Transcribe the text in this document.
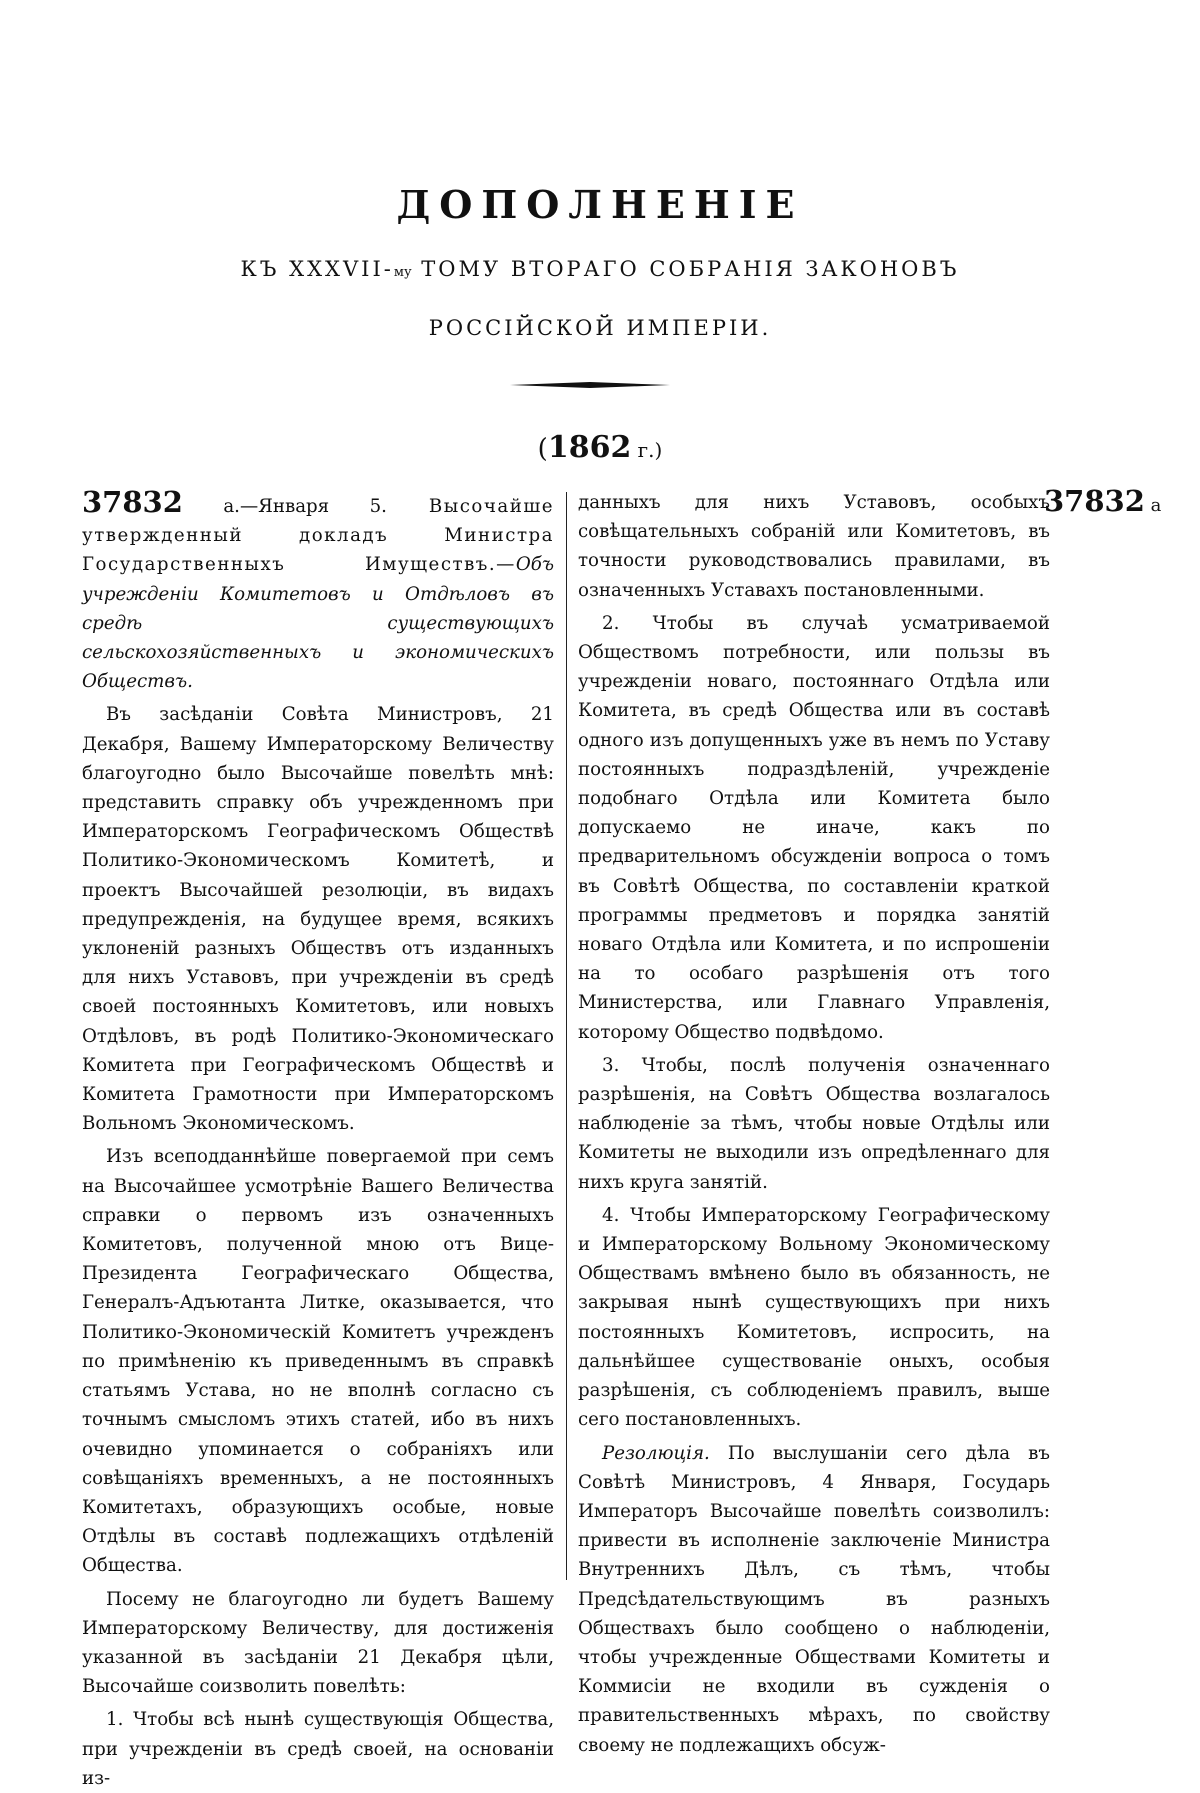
ДОПОЛНЕНІЕ
КЪ XXXVII-му ТОМУ ВТОРАГО СОБРАНІЯ ЗАКОНОВЪ
РОССІЙСКОЙ ИМПЕРІИ.
(1862 г.)

37832 а.—Января 5. Высочайше утвержденный докладъ Министра Государственныхъ Имуществъ.—Объ учрежденіи Комитетовъ и Отдѣловъ въ средѣ существующихъ сельскохозяйственныхъ и экономическихъ Обществъ.

Въ засѣданіи Совѣта Министровъ, 21 Декабря, Вашему Императорскому Величеству благоугодно было Высочайше повелѣть мнѣ: представить справку объ учрежденномъ при Императорскомъ Географическомъ Обществѣ Политико-Экономическомъ Комитетѣ, и проектъ Высочайшей резолюціи, въ видахъ предупрежденія, на будущее время, всякихъ уклоненій разныхъ Обществъ отъ изданныхъ для нихъ Уставовъ, при учрежденіи въ средѣ своей постоянныхъ Комитетовъ, или новыхъ Отдѣловъ, въ родѣ Политико-Экономическаго Комитета при Географическомъ Обществѣ и Комитета Грамотности при Императорскомъ Вольномъ Экономическомъ.

Изъ всеподданнѣйше повергаемой при семъ на Высочайшее усмотрѣніе Вашего Величества справки о первомъ изъ означенныхъ Комитетовъ, полученной мною отъ Вице-Президента Географическаго Общества, Генералъ-Адъютанта Литке, оказывается, что Политико-Экономическій Комитетъ учрежденъ по примѣненію къ приведеннымъ въ справкѣ статьямъ Устава, но не вполнѣ согласно съ точнымъ смысломъ этихъ статей, ибо въ нихъ очевидно упоминается о собраніяхъ или совѣщаніяхъ временныхъ, а не постоянныхъ Комитетахъ, образующихъ особые, новые Отдѣлы въ составѣ подлежащихъ отдѣленій Общества.

Посему не благоугодно ли будетъ Вашему Императорскому Величеству, для достиженія указанной въ засѣданіи 21 Декабря цѣли, Высочайше соизволить повелѣть:

1. Чтобы всѣ нынѣ существующія Общества, при учрежденіи въ средѣ своей, на основаніи из-

данныхъ для нихъ Уставовъ, особыхъ совѣщательныхъ собраній или Комитетовъ, въ точности руководствовались правилами, въ означенныхъ Уставахъ постановленными.

2. Чтобы въ случаѣ усматриваемой Обществомъ потребности, или пользы въ учрежденіи новаго, постояннаго Отдѣла или Комитета, въ средѣ Общества или въ составѣ одного изъ допущенныхъ уже въ немъ по Уставу постоянныхъ подраздѣленій, учрежденіе подобнаго Отдѣла или Комитета было допускаемо не иначе, какъ по предварительномъ обсужденіи вопроса о томъ въ Совѣтѣ Общества, по составленіи краткой программы предметовъ и порядка занятій новаго Отдѣла или Комитета, и по испрошеніи на то особаго разрѣшенія отъ того Министерства, или Главнаго Управленія, которому Общество подвѣдомо.

3. Чтобы, послѣ полученія означеннаго разрѣшенія, на Совѣтъ Общества возлагалось наблюденіе за тѣмъ, чтобы новые Отдѣлы или Комитеты не выходили изъ опредѣленнаго для нихъ круга занятій.

4. Чтобы Императорскому Географическому и Императорскому Вольному Экономическому Обществамъ вмѣнено было въ обязанность, не закрывая нынѣ существующихъ при нихъ постоянныхъ Комитетовъ, испросить, на дальнѣйшее существованіе оныхъ, особыя разрѣшенія, съ соблюденіемъ правилъ, выше сего постановленныхъ.

Резолюція. По выслушаніи сего дѣла въ Совѣтѣ Министровъ, 4 Января, Государь Императоръ Высочайше повелѣть соизволилъ: привести въ исполненіе заключеніе Министра Внутреннихъ Дѣлъ, съ тѣмъ, чтобы Предсѣдательствующимъ въ разныхъ Обществахъ было сообщено о наблюденіи, чтобы учрежденные Обществами Комитеты и Коммисіи не входили въ сужденія о правительственныхъ мѣрахъ, по свойству своему не подлежащихъ обсуж-

37832 а
